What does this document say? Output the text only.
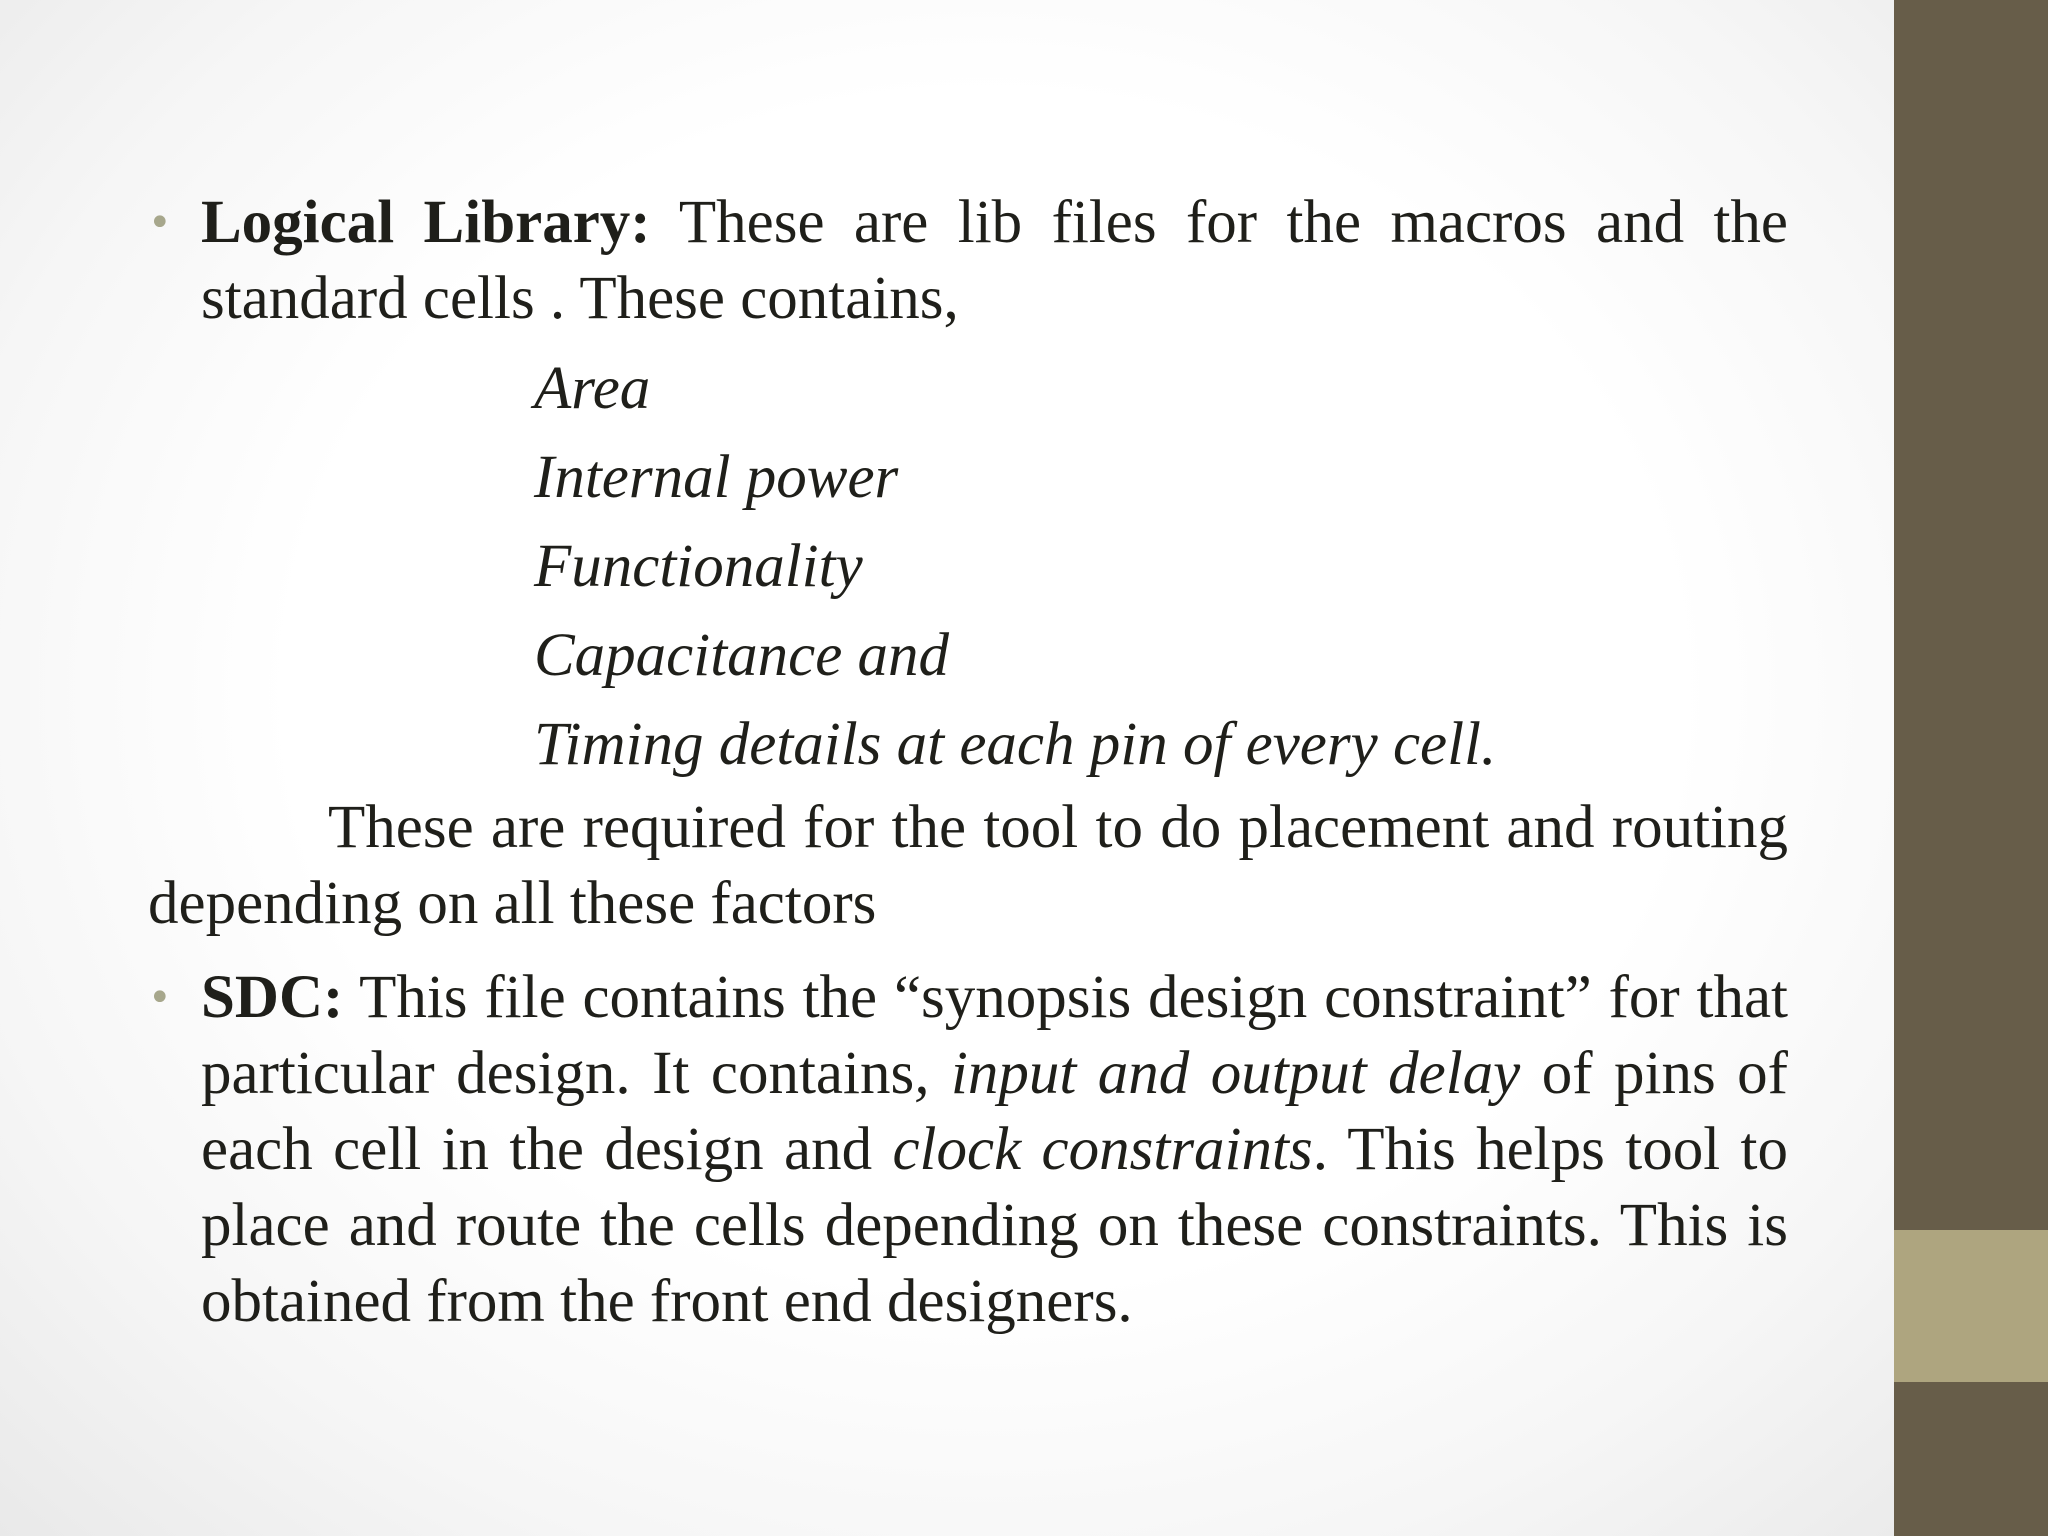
• Logical Library: These are lib files for the macros and the standard cells . These contains,
Area
Internal power
Functionality
Capacitance and
Timing details at each pin of every cell.
These are required for the tool to do placement and routing depending on all these factors
• SDC: This file contains the “synopsis design constraint” for that particular design. It contains, input and output delay of pins of each cell in the design and clock constraints. This helps tool to place and route the cells depending on these constraints. This is obtained from the front end designers.
